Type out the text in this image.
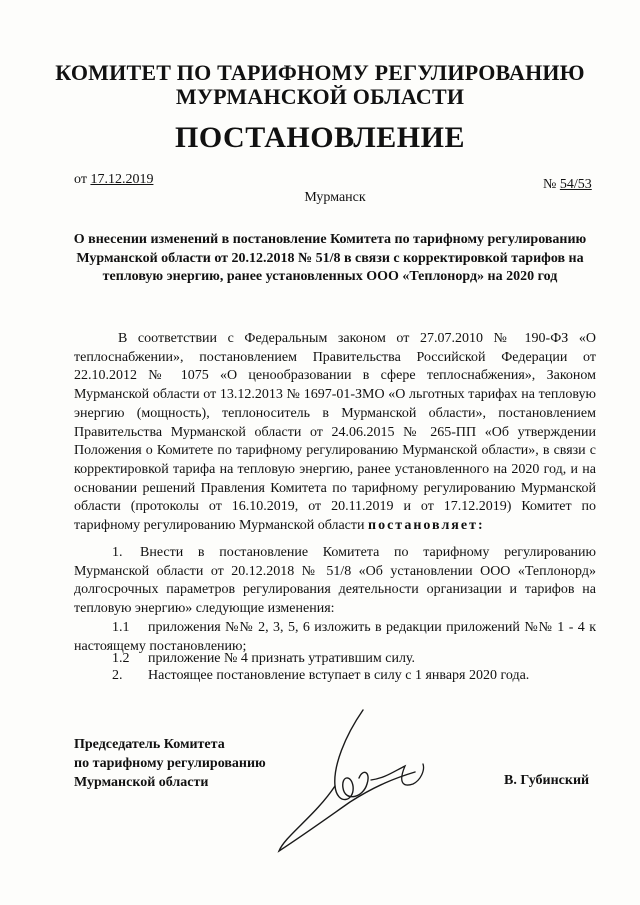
КОМИТЕТ ПО ТАРИФНОМУ РЕГУЛИРОВАНИЮ
МУРМАНСКОЙ ОБЛАСТИ
ПОСТАНОВЛЕНИЕ
от 17.12.2019	№ 54/53
Мурманск
О внесении изменений в постановление Комитета по тарифному регулированию Мурманской области от 20.12.2018 № 51/8 в связи с корректировкой тарифов на тепловую энергию, ранее установленных ООО «Теплонорд» на 2020 год
В соответствии с Федеральным законом от 27.07.2010 № 190-ФЗ «О теплоснабжении», постановлением Правительства Российской Федерации от 22.10.2012 № 1075 «О ценообразовании в сфере теплоснабжения», Законом Мурманской области от 13.12.2013 № 1697-01-ЗМО «О льготных тарифах на тепловую энергию (мощность), теплоноситель в Мурманской области», постановлением Правительства Мурманской области от 24.06.2015 № 265-ПП «Об утверждении Положения о Комитете по тарифному регулированию Мурманской области», в связи с корректировкой тарифа на тепловую энергию, ранее установленного на 2020 год, и на основании решений Правления Комитета по тарифному регулированию Мурманской области (протоколы от 16.10.2019, от 20.11.2019 и от 17.12.2019) Комитет по тарифному регулированию Мурманской области постановляет:
1. Внести в постановление Комитета по тарифному регулированию Мурманской области от 20.12.2018 № 51/8 «Об установлении ООО «Теплонорд» долгосрочных параметров регулирования деятельности организации и тарифов на тепловую энергию» следующие изменения:
1.1 приложения №№ 2, 3, 5, 6 изложить в редакции приложений №№ 1 - 4 к настоящему постановлению;
1.2 приложение № 4 признать утратившим силу.
2. Настоящее постановление вступает в силу с 1 января 2020 года.
Председатель Комитета
по тарифному регулированию
Мурманской области	В. Губинский
